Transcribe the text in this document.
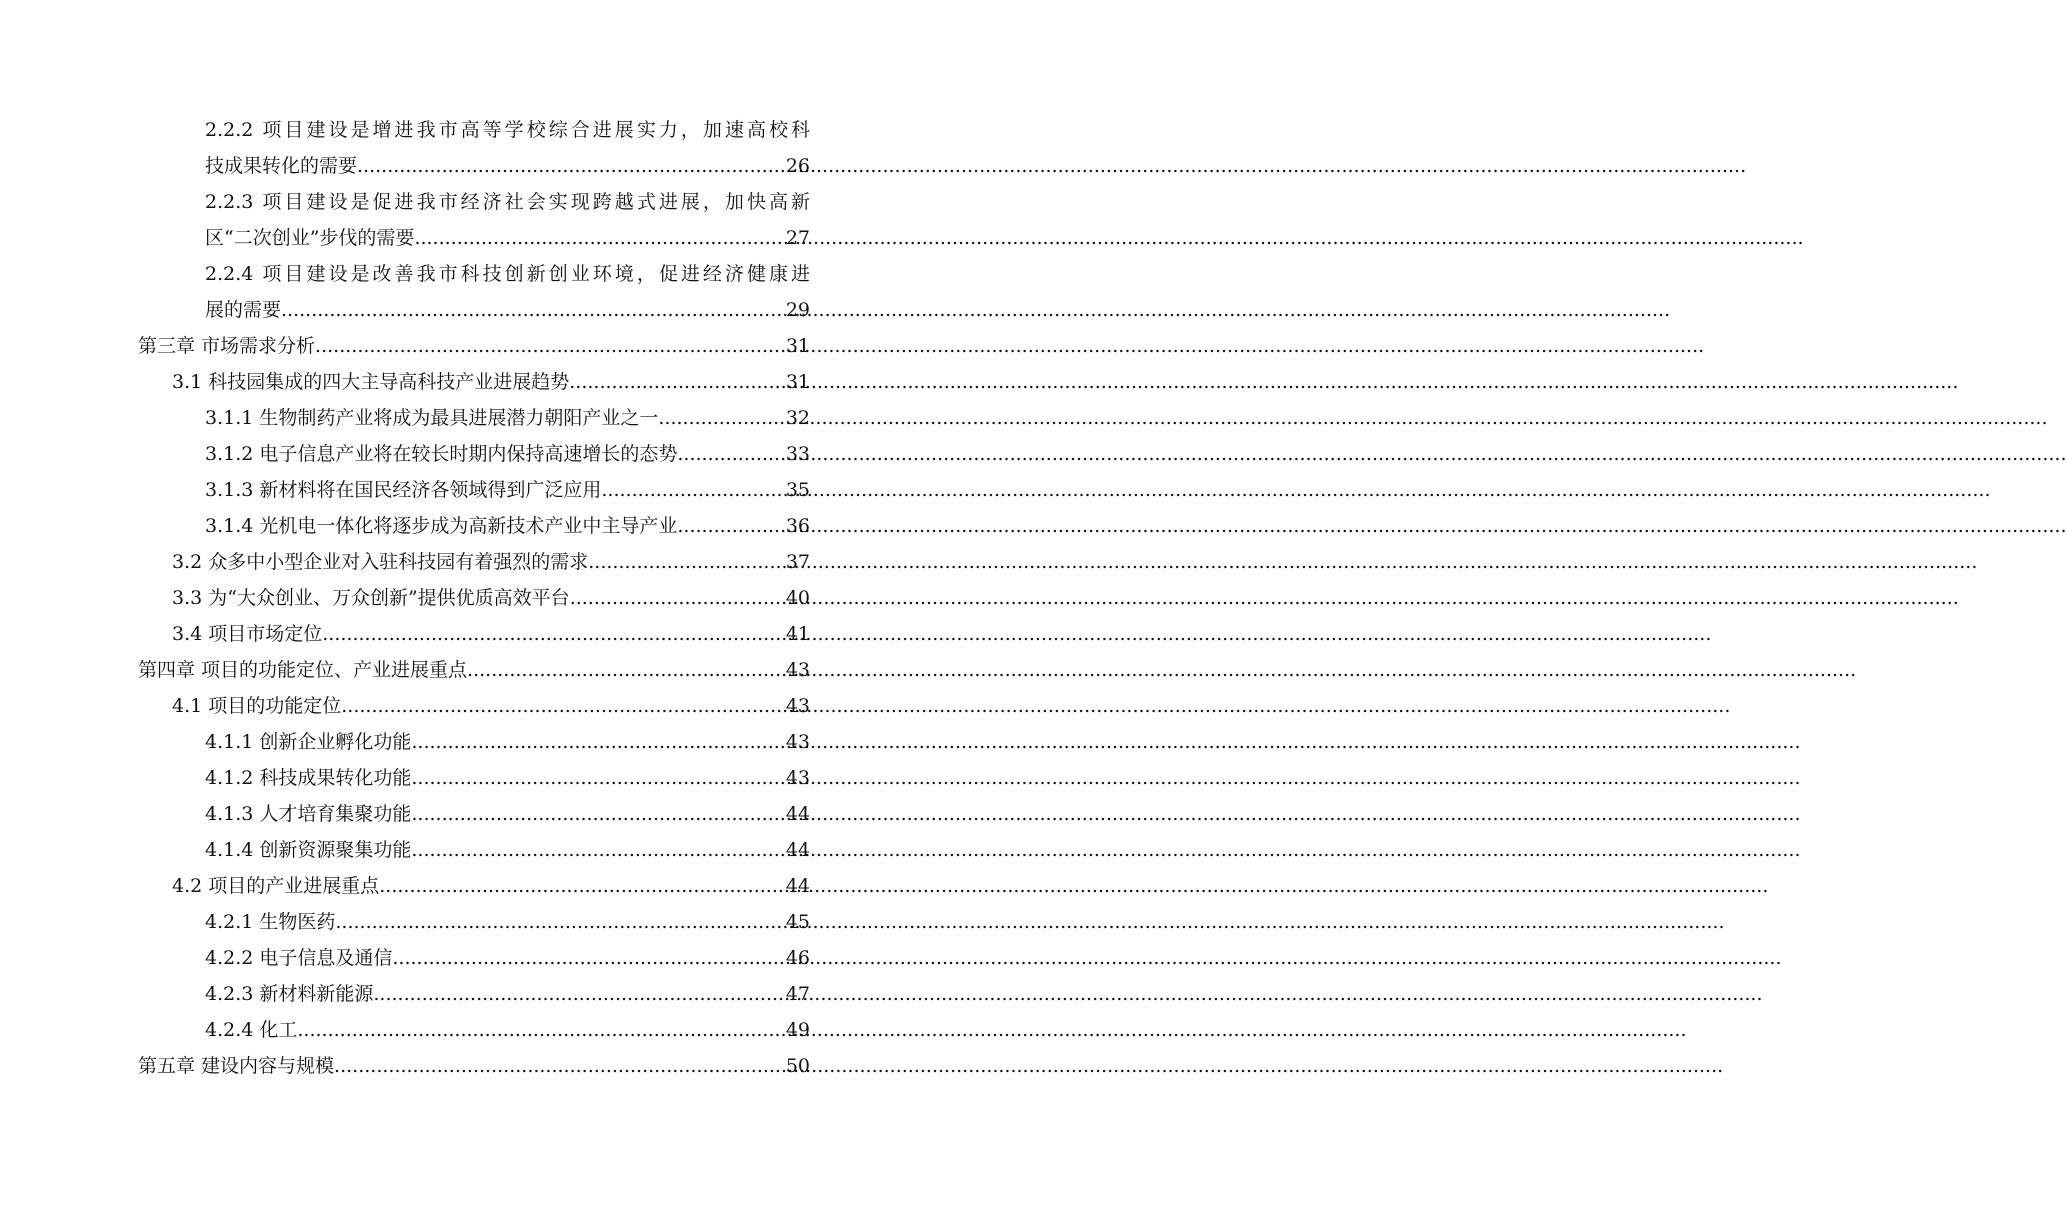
2.2.2 项目建设是增进我市高等学校综合进展实力，加速高校科
技成果转化的需要 .....	26
2.2.3 项目建设是促进我市经济社会实现跨越式进展，加快高新
区“二次创业”步伐的需要 .....	27
2.2.4 项目建设是改善我市科技创新创业环境，促进经济健康进
展的需要 .....	29
第三章 市场需求分析 .....	31
3.1 科技园集成的四大主导高科技产业进展趋势 .....	31
3.1.1 生物制药产业将成为最具进展潜力朝阳产业之一 .....	32
3.1.2 电子信息产业将在较长时期内保持高速增长的态势 .....	33
3.1.3 新材料将在国民经济各领域得到广泛应用 .....	35
3.1.4 光机电一体化将逐步成为高新技术产业中主导产业 .....	36
3.2 众多中小型企业对入驻科技园有着强烈的需求 .....	37
3.3 为“大众创业、万众创新”提供优质高效平台 .....	40
3.4 项目市场定位 .....	41
第四章 项目的功能定位、产业进展重点 .....	43
4.1 项目的功能定位 .....	43
4.1.1 创新企业孵化功能 .....	43
4.1.2 科技成果转化功能 .....	43
4.1.3 人才培育集聚功能 .....	44
4.1.4 创新资源聚集功能 .....	44
4.2 项目的产业进展重点 .....	44
4.2.1 生物医药 .....	45
4.2.2 电子信息及通信 .....	46
4.2.3 新材料新能源 .....	47
4.2.4 化工 .....	49
第五章 建设内容与规模 .....	50
